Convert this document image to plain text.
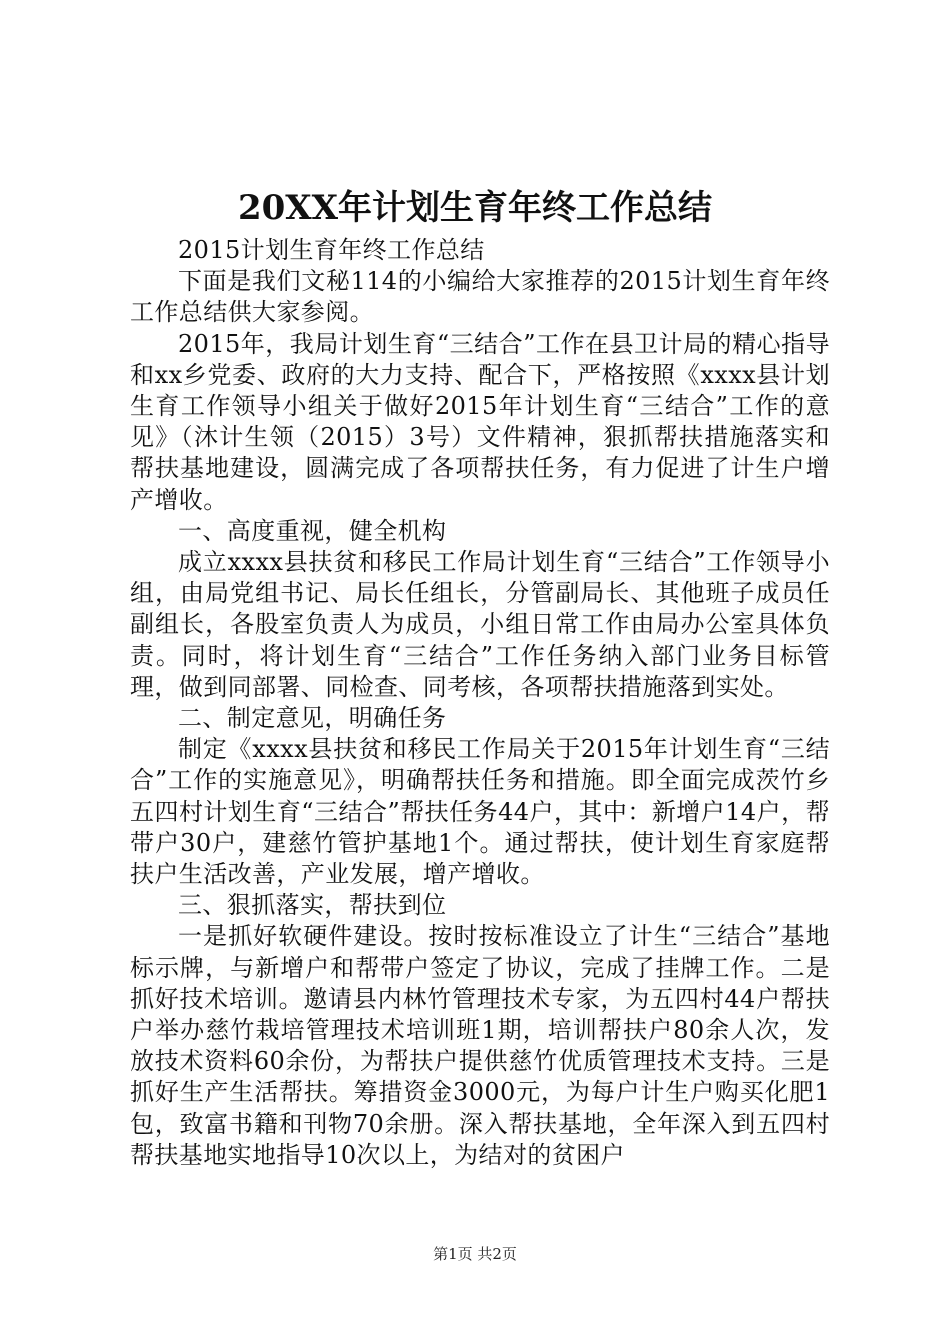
20XX年计划生育年终工作总结

2015计划生育年终工作总结

下面是我们文秘114的小编给大家推荐的2015计划生育年终工作总结供大家参阅。

2015年，我局计划生育“三结合”工作在县卫计局的精心指导和xx乡党委、政府的大力支持、配合下，严格按照《xxxx县计划生育工作领导小组关于做好2015年计划生育“三结合”工作的意见》（沐计生领（2015）3号）文件精神，狠抓帮扶措施落实和帮扶基地建设，圆满完成了各项帮扶任务，有力促进了计生户增产增收。

一、高度重视，健全机构

成立xxxx县扶贫和移民工作局计划生育“三结合”工作领导小组，由局党组书记、局长任组长，分管副局长、其他班子成员任副组长，各股室负责人为成员，小组日常工作由局办公室具体负责。同时，将计划生育“三结合”工作任务纳入部门业务目标管理，做到同部署、同检查、同考核，各项帮扶措施落到实处。

二、制定意见，明确任务

制定《xxxx县扶贫和移民工作局关于2015年计划生育“三结合”工作的实施意见》，明确帮扶任务和措施。即全面完成茨竹乡五四村计划生育“三结合”帮扶任务44户，其中：新增户14户，帮带户30户，建慈竹管护基地1个。通过帮扶，使计划生育家庭帮扶户生活改善，产业发展，增产增收。

三、狠抓落实，帮扶到位

一是抓好软硬件建设。按时按标准设立了计生“三结合”基地标示牌，与新增户和帮带户签定了协议，完成了挂牌工作。二是抓好技术培训。邀请县内林竹管理技术专家，为五四村44户帮扶户举办慈竹栽培管理技术培训班1期，培训帮扶户80余人次，发放技术资料60余份，为帮扶户提供慈竹优质管理技术支持。三是抓好生产生活帮扶。筹措资金3000元，为每户计生户购买化肥1包，致富书籍和刊物70余册。深入帮扶基地，全年深入到五四村帮扶基地实地指导10次以上，为结对的贫困户

第1页 共2页
